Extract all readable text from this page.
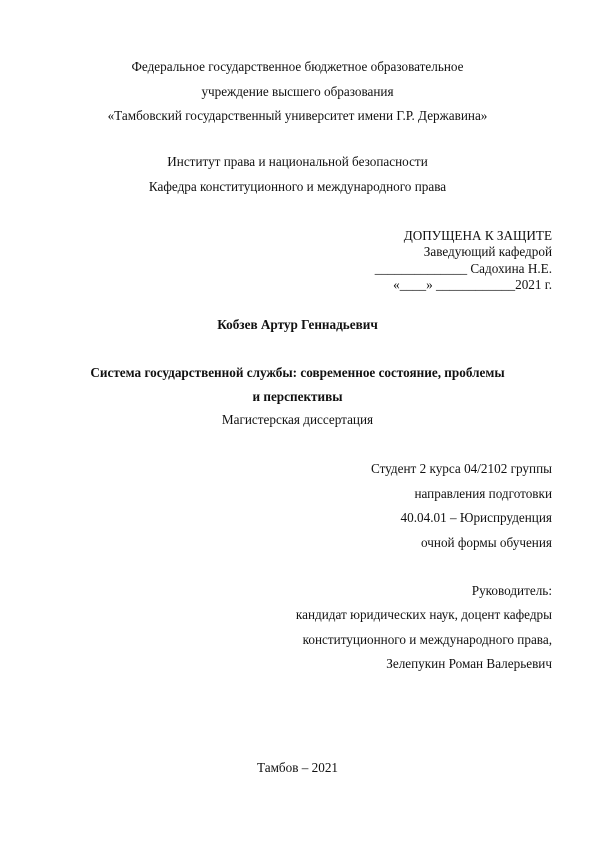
Федеральное государственное бюджетное образовательное
учреждение высшего образования
«Тамбовский государственный университет имени Г.Р. Державина»
Институт права и национальной безопасности
Кафедра конституционного и международного права
ДОПУЩЕНА К ЗАЩИТЕ
Заведующий кафедрой
______________ Садохина Н.Е.
«____» ____________2021 г.
Кобзев Артур Геннадьевич
Система государственной службы: современное состояние, проблемы
и перспективы
Магистерская диссертация
Студент 2 курса 04/2102 группы
направления подготовки
40.04.01 – Юриспруденция
очной формы обучения
Руководитель:
кандидат юридических наук, доцент кафедры
конституционного и международного права,
Зелепукин Роман Валерьевич
Тамбов – 2021
